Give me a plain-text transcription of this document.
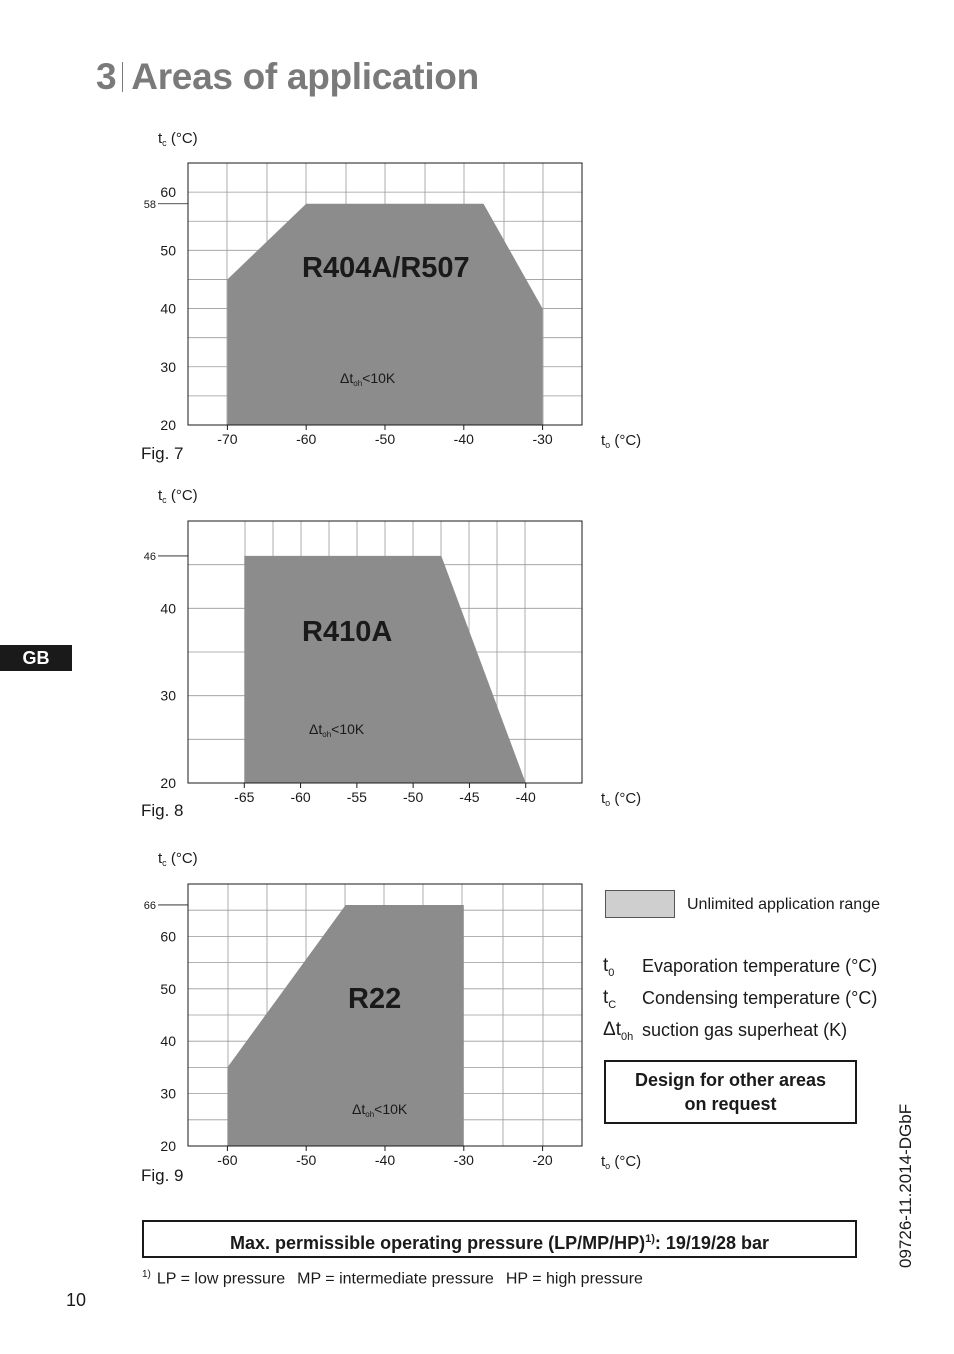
3 Areas of application
GB
-70	-60	-50	-40	-30
20
30
40
50
60
58
$t_c$ (°C)
$t_o$ (°C)
R404A/R507
$\Delta t_{oh}<10K$
-65	-60	-55	-50	-45	-40
20
30
40
46
$t_c$ (°C)
$t_o$ (°C)
R410A
$\Delta t_{oh}<10K$
-60	-50	-40	-30	-20
20
30
40
50
60
66
$t_c$ (°C)
$t_o$ (°C)
R22
$\Delta t_{oh}<10K$
Fig. 7
Fig. 8
Fig. 9
Unlimited application range
$t_0$ Evaporation temperature (°C)
$t_C$ Condensing temperature (°C)
$\Delta t_{0h}$ suction gas superheat (K)
Design for other areas
on request
Max. permissible operating pressure $(LP/MP/HP)^{1)}$: 19/19/28 bar
$^{1)}$ LP = low pressure MP = intermediate pressure HP = high pressure
09726-11.2014-DGbF
10
